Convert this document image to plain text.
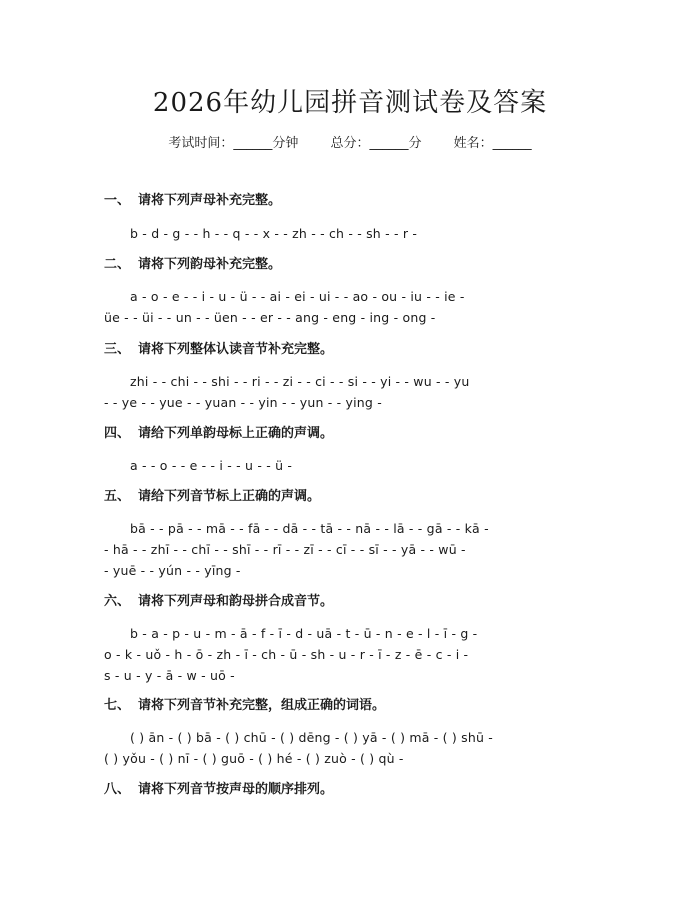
2026年幼儿园拼音测试卷及答案
考试时间：______分钟 总分：______分 姓名：______
一、 请将下列声母补充完整。
b - d - g - - h - - q - - x - - zh - - ch - - sh - - r -
二、 请将下列韵母补充完整。
a - o - e - - i - u - ü - - ai - ei - ui - - ao - ou - iu - - ie -
üe - - üi - - un - - üen - - er - - ang - eng - ing - ong -
三、 请将下列整体认读音节补充完整。
zhi - - chi - - shi - - ri - - zi - - ci - - si - - yi - - wu - - yu
- - ye - - yue - - yuan - - yin - - yun - - ying -
四、 请给下列单韵母标上正确的声调。
a - - o - - e - - i - - u - - ü -
五、 请给下列音节标上正确的声调。
bā - - pā - - mā - - fā - - dā - - tā - - nā - - lā - - gā - - kā -
- hā - - zhī - - chī - - shī - - rī - - zī - - cī - - sī - - yā - - wū -
- yuē - - yún - - yīng -
六、 请将下列声母和韵母拼合成音节。
b - a - p - u - m - ā - f - ī - d - uā - t - ū - n - e - l - ī - g -
o - k - uǒ - h - ō - zh - ī - ch - ū - sh - u - r - ī - z - ē - c - i -
s - u - y - ā - w - uō -
七、 请将下列音节补充完整，组成正确的词语。
( ) ān - ( ) bā - ( ) chū - ( ) dēng - ( ) yā - ( ) mā - ( ) shū -
( ) yǒu - ( ) nī - ( ) guō - ( ) hé - ( ) zuò - ( ) qù -
八、 请将下列音节按声母的顺序排列。
